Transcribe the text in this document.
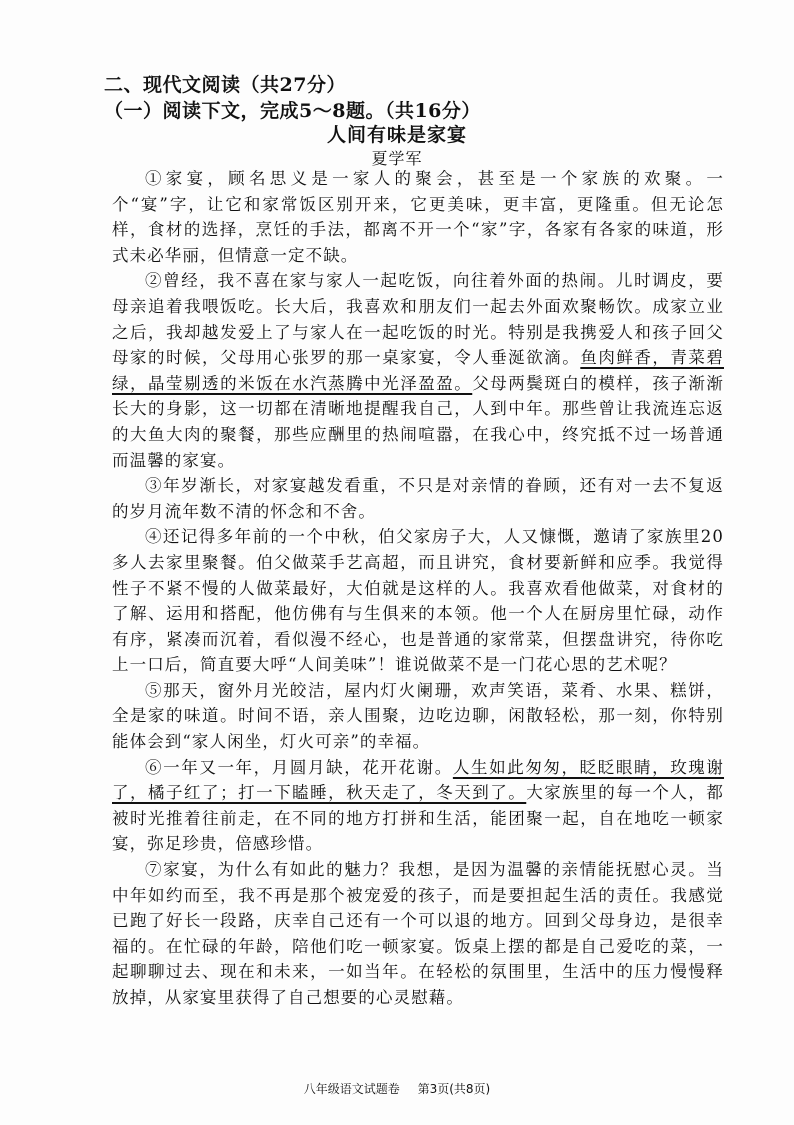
二、现代文阅读（共27分）
（一）阅读下文，完成5～8题。（共16分）
人间有味是家宴
夏学军

①家宴，顾名思义是一家人的聚会，甚至是一个家族的欢聚。一个“宴”字，让它和家常饭区别开来，它更美味，更丰富，更隆重。但无论怎样，食材的选择，烹饪的手法，都离不开一个“家”字，各家有各家的味道，形式未必华丽，但情意一定不缺。

②曾经，我不喜在家与家人一起吃饭，向往着外面的热闹。儿时调皮，要母亲追着我喂饭吃。长大后，我喜欢和朋友们一起去外面欢聚畅饮。成家立业之后，我却越发爱上了与家人在一起吃饭的时光。特别是我携爱人和孩子回父母家的时候，父母用心张罗的那一桌家宴，令人垂涎欲滴。鱼肉鲜香，青菜碧绿，晶莹剔透的米饭在水汽蒸腾中光泽盈盈。父母两鬓斑白的模样，孩子渐渐长大的身影，这一切都在清晰地提醒我自己，人到中年。那些曾让我流连忘返的大鱼大肉的聚餐，那些应酬里的热闹喧嚣，在我心中，终究抵不过一场普通而温馨的家宴。

③年岁渐长，对家宴越发看重，不只是对亲情的眷顾，还有对一去不复返的岁月流年数不清的怀念和不舍。

④还记得多年前的一个中秋，伯父家房子大，人又慷慨，邀请了家族里20多人去家里聚餐。伯父做菜手艺高超，而且讲究，食材要新鲜和应季。我觉得性子不紧不慢的人做菜最好，大伯就是这样的人。我喜欢看他做菜，对食材的了解、运用和搭配，他仿佛有与生俱来的本领。他一个人在厨房里忙碌，动作有序，紧凑而沉着，看似漫不经心，也是普通的家常菜，但摆盘讲究，待你吃上一口后，简直要大呼“人间美味”！谁说做菜不是一门花心思的艺术呢？

⑤那天，窗外月光皎洁，屋内灯火阑珊，欢声笑语，菜肴、水果、糕饼，全是家的味道。时间不语，亲人围聚，边吃边聊，闲散轻松，那一刻，你特别能体会到“家人闲坐，灯火可亲”的幸福。

⑥一年又一年，月圆月缺，花开花谢。人生如此匆匆，眨眨眼睛，玫瑰谢了，橘子红了；打一下瞌睡，秋天走了，冬天到了。大家族里的每一个人，都被时光推着往前走，在不同的地方打拼和生活，能团聚一起，自在地吃一顿家宴，弥足珍贵，倍感珍惜。

⑦家宴，为什么有如此的魅力？我想，是因为温馨的亲情能抚慰心灵。当中年如约而至，我不再是那个被宠爱的孩子，而是要担起生活的责任。我感觉已跑了好长一段路，庆幸自己还有一个可以退的地方。回到父母身边，是很幸福的。在忙碌的年龄，陪他们吃一顿家宴。饭桌上摆的都是自己爱吃的菜，一起聊聊过去、现在和未来，一如当年。在轻松的氛围里，生活中的压力慢慢释放掉，从家宴里获得了自己想要的心灵慰藉。

八年级语文试题卷 第3页(共8页)
